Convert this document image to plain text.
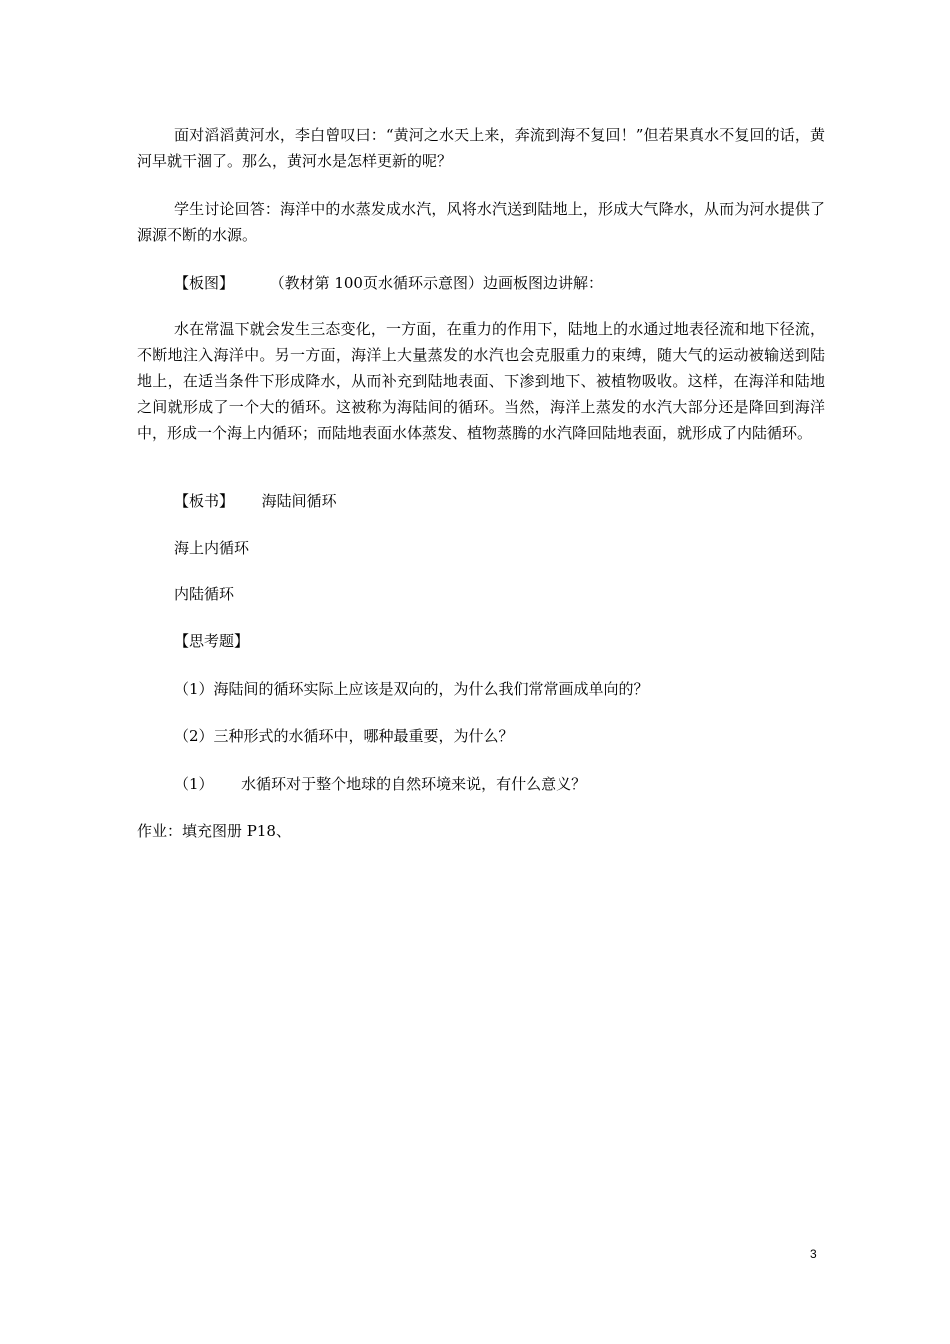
面对滔滔黄河水，李白曾叹曰：“黄河之水天上来，奔流到海不复回！”但若果真水不复回的话，黄河早就干涸了。那么，黄河水是怎样更新的呢？

学生讨论回答：海洋中的水蒸发成水汽，风将水汽送到陆地上，形成大气降水，从而为河水提供了源源不断的水源。

【板图】 （教材第 100页水循环示意图）边画板图边讲解：

水在常温下就会发生三态变化，一方面，在重力的作用下，陆地上的水通过地表径流和地下径流，不断地注入海洋中。另一方面，海洋上大量蒸发的水汽也会克服重力的束缚，随大气的运动被输送到陆地上，在适当条件下形成降水，从而补充到陆地表面、下渗到地下、被植物吸收。这样，在海洋和陆地之间就形成了一个大的循环。这被称为海陆间的循环。当然，海洋上蒸发的水汽大部分还是降回到海洋中，形成一个海上内循环；而陆地表面水体蒸发、植物蒸腾的水汽降回陆地表面，就形成了内陆循环。

【板书】 海陆间循环
海上内循环
内陆循环
【思考题】
（1）海陆间的循环实际上应该是双向的，为什么我们常常画成单向的？
（2）三种形式的水循环中，哪种最重要，为什么？
（1） 水循环对于整个地球的自然环境来说，有什么意义？
作业：填充图册 P18、
3
